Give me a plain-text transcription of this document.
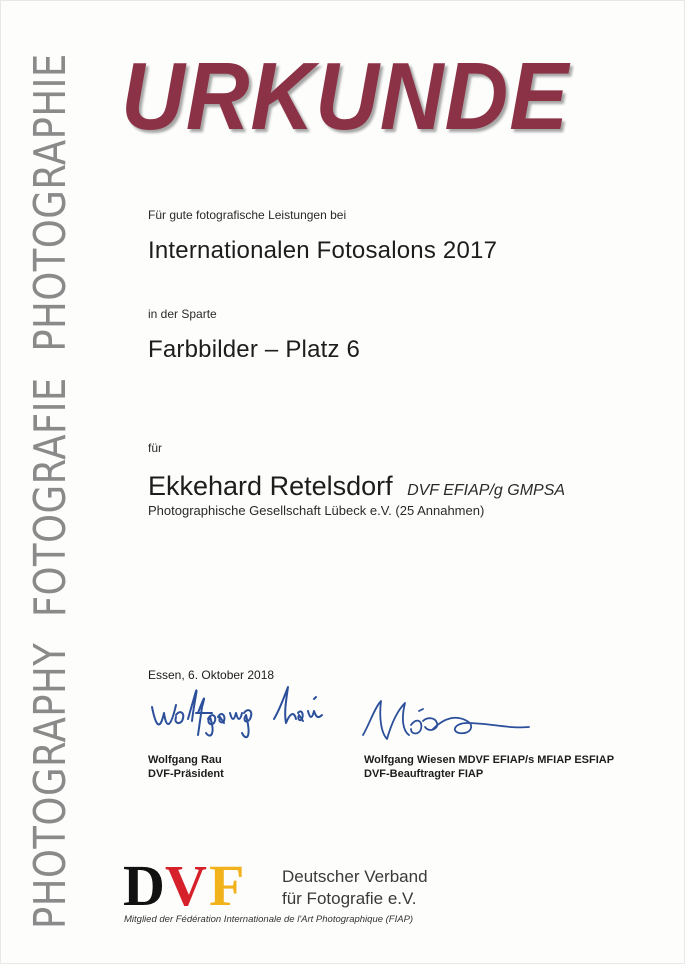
PHOTOGRAPHY FOTOGRAFIE PHOTOGRAPHIE URKUNDE
Für gute fotografische Leistungen bei
Internationalen Fotosalons 2017
in der Sparte
Farbbilder – Platz 6
für
Ekkehard Retelsdorf DVF EFIAP/g GMPSA
Photographische Gesellschaft Lübeck e.V. (25 Annahmen)
Essen, 6. Oktober 2018
Wolfgang Rau
DVF-Präsident
Wolfgang Wiesen MDVF EFIAP/s MFIAP ESFIAP
DVF-Beauftragter FIAP
D V F Deutscher Verband
für Fotografie e.V.
Mitglied der Fédération Internationale de l'Art Photographique (FIAP)
